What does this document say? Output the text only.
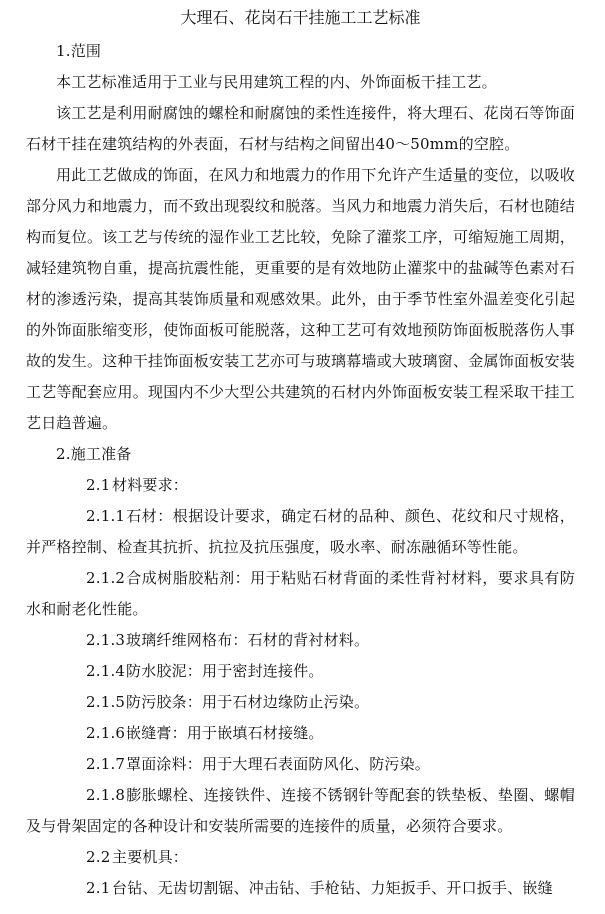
大理石、花岗石干挂施工工艺标准

1.范围

本工艺标准适用于工业与民用建筑工程的内、外饰面板干挂工艺。

该工艺是利用耐腐蚀的螺栓和耐腐蚀的柔性连接件，将大理石、花岗石等饰面石材干挂在建筑结构的外表面，石材与结构之间留出40～50mm的空腔。

用此工艺做成的饰面，在风力和地震力的作用下允许产生适量的变位，以吸收部分风力和地震力，而不致出现裂纹和脱落。当风力和地震力消失后，石材也随结构而复位。该工艺与传统的湿作业工艺比较，免除了灌浆工序，可缩短施工周期，减轻建筑物自重，提高抗震性能，更重要的是有效地防止灌浆中的盐碱等色素对石材的渗透污染，提高其装饰质量和观感效果。此外，由于季节性室外温差变化引起的外饰面胀缩变形，使饰面板可能脱落，这种工艺可有效地预防饰面板脱落伤人事故的发生。这种干挂饰面板安装工艺亦可与玻璃幕墙或大玻璃窗、金属饰面板安装工艺等配套应用。现国内不少大型公共建筑的石材内外饰面板安装工程采取干挂工艺日趋普遍。

2.施工准备

2.1 材料要求：

2.1.1石材：根据设计要求，确定石材的品种、颜色、花纹和尺寸规格，并严格控制、检查其抗折、抗拉及抗压强度，吸水率、耐冻融循环等性能。

2.1.2合成树脂胶粘剂：用于粘贴石材背面的柔性背衬材料，要求具有防水和耐老化性能。

2.1.3玻璃纤维网格布：石材的背衬材料。

2.1.4防水胶泥：用于密封连接件。

2.1.5防污胶条：用于石材边缘防止污染。

2.1.6嵌缝膏：用于嵌填石材接缝。

2.1.7罩面涂料：用于大理石表面防风化、防污染。

2.1.8膨胀螺栓、连接铁件、连接不锈钢针等配套的铁垫板、垫圈、螺帽及与骨架固定的各种设计和安装所需要的连接件的质量，必须符合要求。

2.2 主要机具：

2.1 台钻、无齿切割锯、冲击钻、手枪钻、力矩扳手、开口扳手、嵌缝
